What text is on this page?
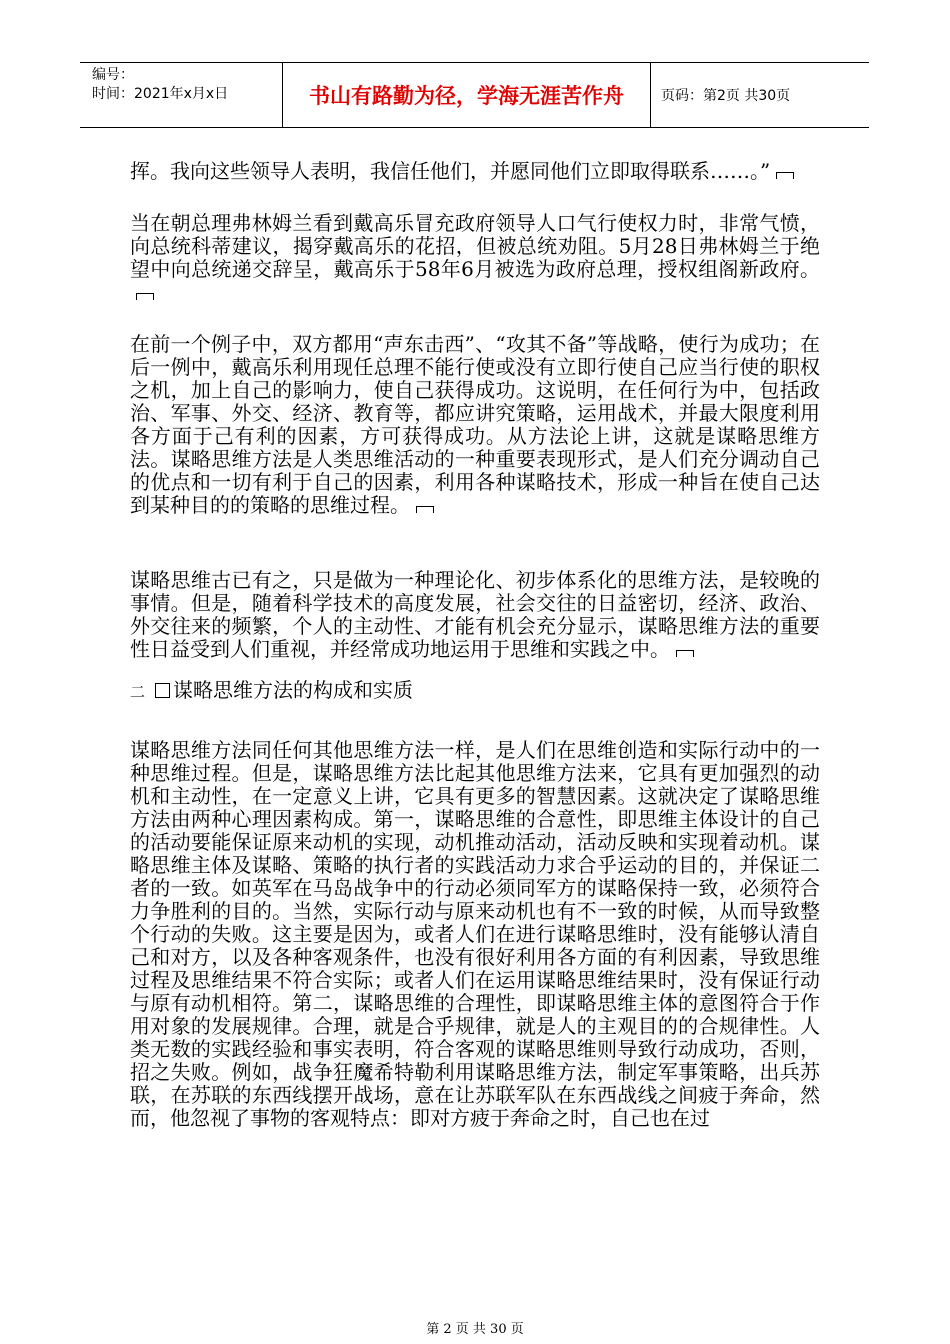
编号：
时间：2021年x月x日	书山有路勤为径，学海无涯苦作舟	页码：第2页 共30页

挥。我向这些领导人表明，我信任他们，并愿同他们立即取得联系……。”

当在朝总理弗林姆兰看到戴高乐冒充政府领导人口气行使权力时，非常气愤，向总统科蒂建议，揭穿戴高乐的花招，但被总统劝阻。5月28日弗林姆兰于绝望中向总统递交辞呈，戴高乐于58年6月被选为政府总理，授权组阁新政府。

在前一个例子中，双方都用“声东击西”、“攻其不备”等战略，使行为成功；在后一例中，戴高乐利用现任总理不能行使或没有立即行使自己应当行使的职权之机，加上自己的影响力，使自己获得成功。这说明，在任何行为中，包括政治、军事、外交、经济、教育等，都应讲究策略，运用战术，并最大限度利用各方面于己有利的因素，方可获得成功。从方法论上讲，这就是谋略思维方法。谋略思维方法是人类思维活动的一种重要表现形式，是人们充分调动自己的优点和一切有利于自己的因素，利用各种谋略技术，形成一种旨在使自己达到某种目的的策略的思维过程。

谋略思维古已有之，只是做为一种理论化、初步体系化的思维方法，是较晚的事情。但是，随着科学技术的高度发展，社会交往的日益密切，经济、政治、外交往来的频繁，个人的主动性、才能有机会充分显示，谋略思维方法的重要性日益受到人们重视，并经常成功地运用于思维和实践之中。

二 谋略思维方法的构成和实质

谋略思维方法同任何其他思维方法一样，是人们在思维创造和实际行动中的一种思维过程。但是，谋略思维方法比起其他思维方法来，它具有更加强烈的动机和主动性，在一定意义上讲，它具有更多的智慧因素。这就决定了谋略思维方法由两种心理因素构成。第一，谋略思维的合意性，即思维主体设计的自己的活动要能保证原来动机的实现，动机推动活动，活动反映和实现着动机。谋略思维主体及谋略、策略的执行者的实践活动力求合乎运动的目的，并保证二者的一致。如英军在马岛战争中的行动必须同军方的谋略保持一致，必须符合力争胜利的目的。当然，实际行动与原来动机也有不一致的时候，从而导致整个行动的失败。这主要是因为，或者人们在进行谋略思维时，没有能够认清自己和对方，以及各种客观条件，也没有很好利用各方面的有利因素，导致思维过程及思维结果不符合实际；或者人们在运用谋略思维结果时，没有保证行动与原有动机相符。第二，谋略思维的合理性，即谋略思维主体的意图符合于作用对象的发展规律。合理，就是合乎规律，就是人的主观目的的合规律性。人类无数的实践经验和事实表明，符合客观的谋略思维则导致行动成功，否则，招之失败。例如，战争狂魔希特勒利用谋略思维方法，制定军事策略，出兵苏联，在苏联的东西线摆开战场，意在让苏联军队在东西战线之间疲于奔命，然而，他忽视了事物的客观特点：即对方疲于奔命之时，自己也在过

第 2 页 共 30 页
